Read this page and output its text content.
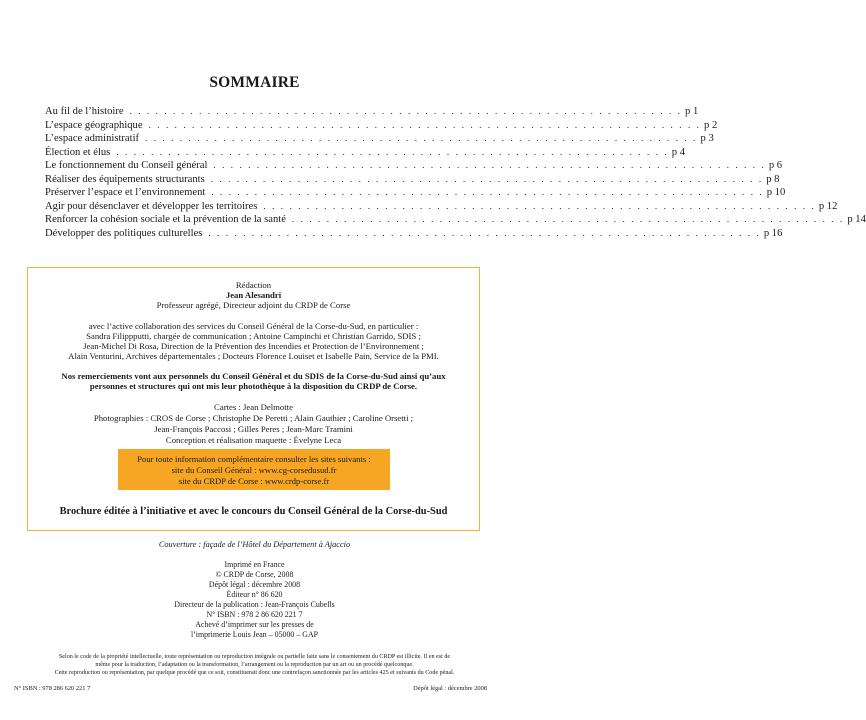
SOMMAIRE
Au fil de l’histoire . . . . . . . . . . . . . . . . . . . . . . . . . . . . . . . . . . . . . . . . . . . . . . . . . . . . . . . . . . . . . . . . p 1
L’espace géographique . . . . . . . . . . . . . . . . . . . . . . . . . . . . . . . . . . . . . . . . . . . . . . . . . . . . . . . . . . . . . . . . p 2
L’espace administratif . . . . . . . . . . . . . . . . . . . . . . . . . . . . . . . . . . . . . . . . . . . . . . . . . . . . . . . . . . . . . . . . p 3
Élection et élus . . . . . . . . . . . . . . . . . . . . . . . . . . . . . . . . . . . . . . . . . . . . . . . . . . . . . . . . . . . . . . . . p 4
Le fonctionnement du Conseil général . . . . . . . . . . . . . . . . . . . . . . . . . . . . . . . . . . . . . . . . . . . . . . . . . . . . . . . . . . . . . . . . p 6
Réaliser des équipements structurants . . . . . . . . . . . . . . . . . . . . . . . . . . . . . . . . . . . . . . . . . . . . . . . . . . . . . . . . . . . . . . . . p 8
Préserver l’espace et l’environnement . . . . . . . . . . . . . . . . . . . . . . . . . . . . . . . . . . . . . . . . . . . . . . . . . . . . . . . . . . . . . . . . p 10
Agir pour désenclaver et développer les territoires . . . . . . . . . . . . . . . . . . . . . . . . . . . . . . . . . . . . . . . . . . . . . . . . . . . . . . . . . . . . . . . . p 12
Renforcer la cohésion sociale et la prévention de la santé . . . . . . . . . . . . . . . . . . . . . . . . . . . . . . . . . . . . . . . . . . . . . . . . . . . . . . . . . . . . . . . . p 14
Développer des politiques culturelles . . . . . . . . . . . . . . . . . . . . . . . . . . . . . . . . . . . . . . . . . . . . . . . . . . . . . . . . . . . . . . . . p 16
Rédaction
Jean Alesandri
Professeur agrégé, Directeur adjoint du CRDP de Corse
avec l’active collaboration des services du Conseil Général de la Corse-du-Sud, en particulier :
Sandra Filippputti, chargée de communication ; Antoine Campinchi et Christian Garrido, SDIS ;
Jean-Michel Di Rosa, Direction de la Prévention des Incendies et Protection de l’Environnement ;
Alain Venturini, Archives départementales ; Docteurs Florence Louiset et Isabelle Pain, Service de la PMI.
Nos remerciements vont aux personnels du Conseil Général et du SDIS de la Corse-du-Sud ainsi qu’aux
personnes et structures qui ont mis leur photothèque à la disposition du CRDP de Corse.
Cartes : Jean Delmotte
Photographies : CROS de Corse ; Christophe De Peretti ; Alain Gauthier ; Caroline Orsetti ;
Jean-François Paccosi ; Gilles Peres ; Jean-Marc Tramini
Conception et réalisation maquette : Évelyne Leca
Pour toute information complémentaire consulter les sites suivants :
site du Conseil Général : www.cg-corsedusud.fr
site du CRDP de Corse : www.crdp-corse.fr
Brochure éditée à l’initiative et avec le concours du Conseil Général de la Corse-du-Sud
Couverture : façade de l’Hôtel du Département à Ajaccio
Imprimé en France
© CRDP de Corse, 2008
Dépôt légal : décembre 2008
Éditeur n° 86 620
Directeur de la publication : Jean-François Cubells
N° ISBN : 978 2 86 620 221 7
Achevé d’imprimer sur les presses de
l’imprimerie Louis Jean – 05000 – GAP
Selon le code de la propriété intellectuelle, toute représentation ou reproduction intégrale ou partielle faite sans le consentement du CRDP est illicite. Il en est de
même pour la traduction, l’adaptation ou la transformation, l’arrangement ou la reproduction par un art ou un procédé quelconque.
Cette reproduction ou représentation, par quelque procédé que ce soit, constituerait donc une contrefaçon sanctionnée par les articles 425 et suivants du Code pénal.
N° ISBN : 978 286 620 221 7	Dépôt légal : décembre 2008
